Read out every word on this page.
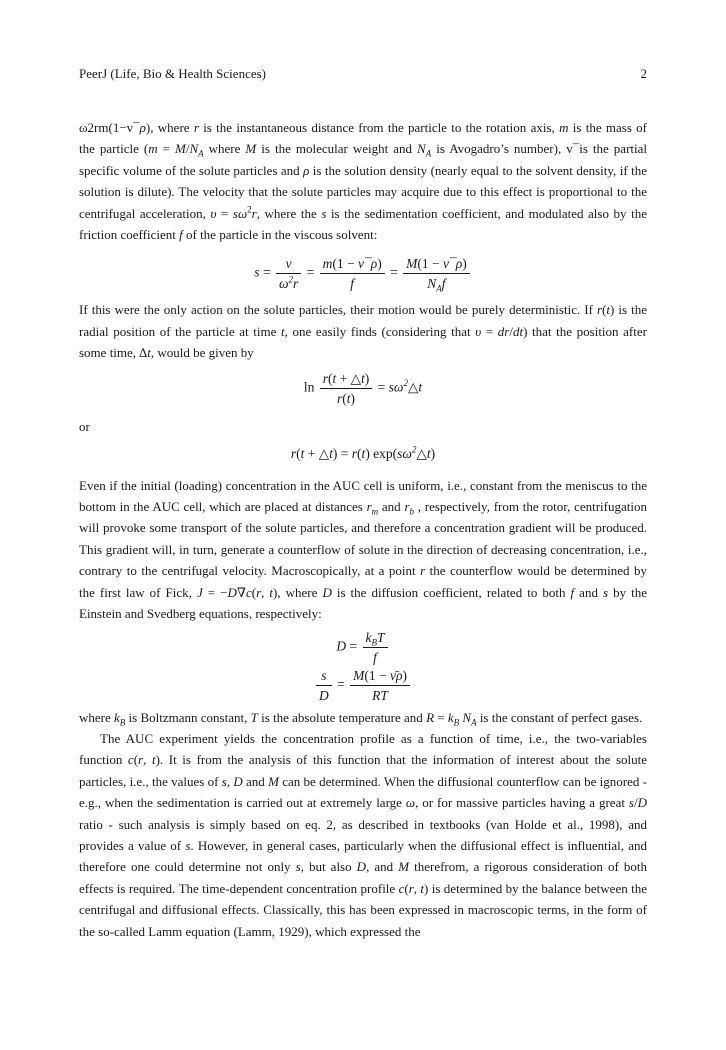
PeerJ (Life, Bio & Health Sciences)	2

ω2rm(1−v¯ρ), where r is the instantaneous distance from the particle to the rotation axis, m is the mass of the particle ($m = M/N_A$ where M is the molecular weight and $N_A$ is Avogadro’s number), v¯is the partial specific volume of the solute particles and ρ is the solution density (nearly equal to the solvent density, if the solution is dilute). The velocity that the solute particles may acquire due to this effect is proportional to the centrifugal acceleration, $\upsilon = s\omega^2r$, where the s is the sedimentation coefficient, and modulated also by the friction coefficient f of the particle in the viscous solvent:

$s = \frac{\nu}{\omega^2r} = \frac{m(1 - \nu¯\rho)}{f} = \frac{M(1 - \nu¯\rho)}{N_Af}$

If this were the only action on the solute particles, their motion would be purely deterministic. If r(t) is the radial position of the particle at time t, one easily finds (considering that υ = dr/dt) that the position after some time, ∆t, would be given by

$\ln \frac{r(t + \triangle t)}{r(t)}$ = $s\omega^2\triangle t$

or

r(t + △t) = r(t) $\exp(s\omega^2\triangle t)$

Even if the initial (loading) concentration in the AUC cell is uniform, i.e., constant from the meniscus to the bottom in the AUC cell, which are placed at distances $r_m$ and $r_b$ , respectively, from the rotor, centrifugation will provoke some transport of the solute particles, and therefore a concentration gradient will be produced. This gradient will, in turn, generate a counterflow of solute in the direction of decreasing concentration, i.e., contrary to the centrifugal velocity. Macroscopically, at a point r the counterflow would be determined by the first law of Fick, J = −D∇c(r, t), where D is the diffusion coefficient, related to both f and s by the Einstein and Svedberg equations, respectively:

$D = \frac{k_BT}{f}$
$\frac{s}{D} = \frac{M(1 - \nū\rho)}{RT}$

where $k_B$ is Boltzmann constant, T is the absolute temperature and $R = k_B$ $N_A$ is the constant of perfect gases.

The AUC experiment yields the concentration profile as a function of time, i.e., the two-variables function c(r, t). It is from the analysis of this function that the information of interest about the solute particles, i.e., the values of s, D and M can be determined. When the diffusional counterflow can be ignored - e.g., when the sedimentation is carried out at extremely large ω, or for massive particles having a great s/D ratio - such analysis is simply based on eq. 2, as described in textbooks (van Holde et al., 1998), and provides a value of s. However, in general cases, particularly when the diffusional effect is influential, and therefore one could determine not only s, but also D, and M therefrom, a rigorous consideration of both effects is required. The time-dependent concentration profile c(r, t) is determined by the balance between the centrifugal and diffusional effects. Classically, this has been expressed in macroscopic terms, in the form of the so-called Lamm equation (Lamm, 1929), which expressed the
